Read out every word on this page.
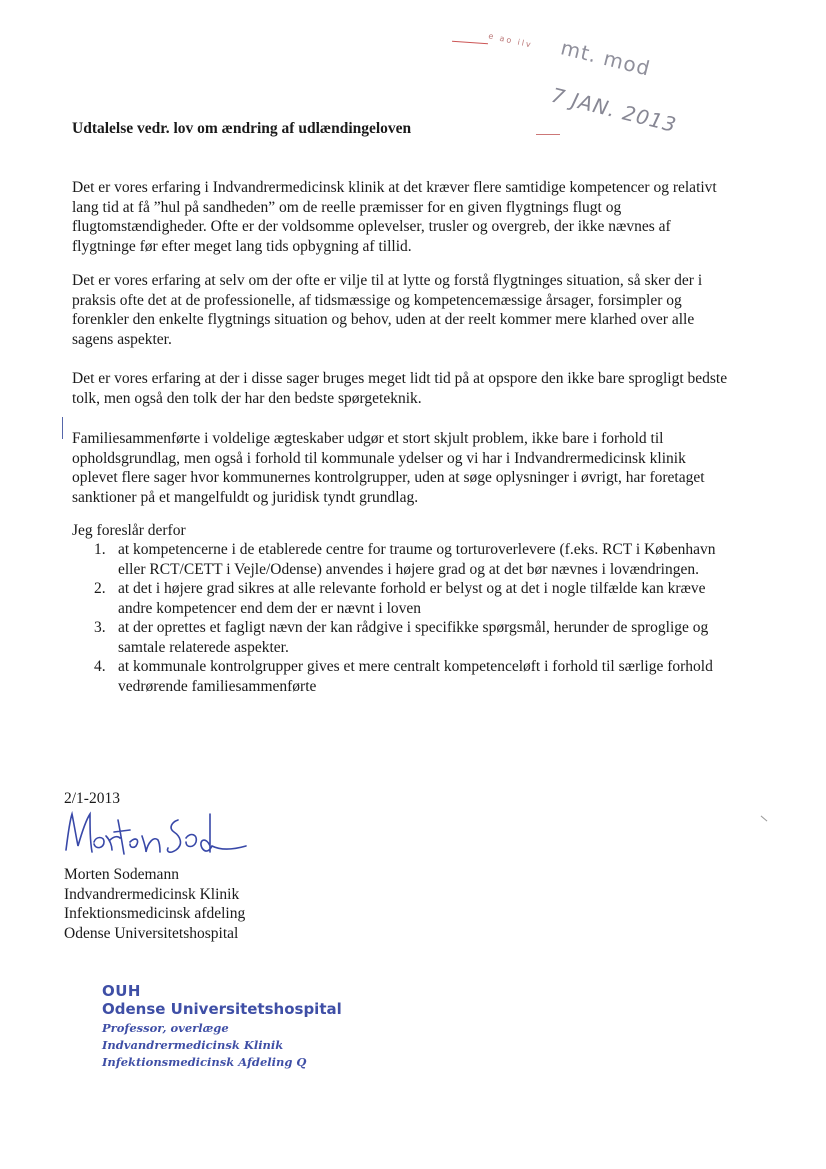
e ao ilv mt. mod
7 JAN. 2013
Udtalelse vedr. lov om ændring af udlændingeloven

Det er vores erfaring i Indvandrermedicinsk klinik at det kræver flere samtidige kompetencer og relativt lang tid at få ”hul på sandheden” om de reelle præmisser for en given flygtnings flugt og flugtomstændigheder. Ofte er der voldsomme oplevelser, trusler og overgreb, der ikke nævnes af flygtninge før efter meget lang tids opbygning af tillid.

Det er vores erfaring at selv om der ofte er vilje til at lytte og forstå flygtninges situation, så sker der i praksis ofte det at de professionelle, af tidsmæssige og kompetencemæssige årsager, forsimpler og forenkler den enkelte flygtnings situation og behov, uden at der reelt kommer mere klarhed over alle sagens aspekter.

Det er vores erfaring at der i disse sager bruges meget lidt tid på at opspore den ikke bare sprogligt bedste tolk, men også den tolk der har den bedste spørgeteknik.

Familiesammenførte i voldelige ægteskaber udgør et stort skjult problem, ikke bare i forhold til opholdsgrundlag, men også i forhold til kommunale ydelser og vi har i Indvandrermedicinsk klinik oplevet flere sager hvor kommunernes kontrolgrupper, uden at søge oplysninger i øvrigt, har foretaget sanktioner på et mangelfuldt og juridisk tyndt grundlag.

Jeg foreslår derfor
1. at kompetencerne i de etablerede centre for traume og torturoverlevere (f.eks. RCT i København eller RCT/CETT i Vejle/Odense) anvendes i højere grad og at det bør nævnes i lovændringen.
2. at det i højere grad sikres at alle relevante forhold er belyst og at det i nogle tilfælde kan kræve andre kompetencer end dem der er nævnt i loven
3. at der oprettes et fagligt nævn der kan rådgive i specifikke spørgsmål, herunder de sproglige og samtale relaterede aspekter.
4. at kommunale kontrolgrupper gives et mere centralt kompetenceløft i forhold til særlige forhold vedrørende familiesammenførte
2/1-2013
Morten Sodemann
Indvandrermedicinsk Klinik
Infektionsmedicinsk afdeling
Odense Universitetshospital
OUH
Odense Universitetshospital
Professor, overlæge
Indvandrermedicinsk Klinik
Infektionsmedicinsk Afdeling Q
